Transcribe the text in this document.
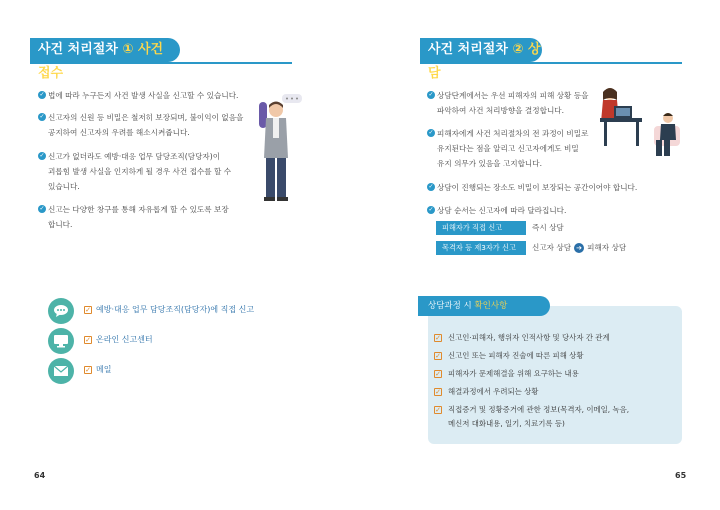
사건 처리절차 ① 사건 접수
✓ 법에 따라 누구든지 사건 발생 사실을 신고할 수 있습니다.
✓ 신고자의 신원 등 비밀은 철저히 보장되며, 불이익이 없음을
공지하여 신고자의 우려를 해소시켜줍니다.
✓ 신고가 없더라도 예방·대응 업무 담당조직(담당자)이
괴롭힘 발생 사실을 인지하게 될 경우 사건 접수를 할 수
있습니다.
✓ 신고는 다양한 창구를 통해 자유롭게 할 수 있도록 보장
합니다.
✓ 예방·대응 업무 담당조직(담당자)에 직접 신고
✓ 온라인 신고센터
✓ 메일
64
사건 처리절차 ② 상담
✓ 상담단계에서는 우선 피해자의 피해 상황 등을
파악하여 사건 처리방향을 결정합니다.
✓ 피해자에게 사건 처리절차의 전 과정이 비밀로
유지된다는 점을 알리고 신고자에게도 비밀
유지 의무가 있음을 고지합니다.
✓ 상담이 진행되는 장소도 비밀이 보장되는 공간이어야 합니다.
✓ 상담 순서는 신고자에 따라 달라집니다.
피해자가 직접 신고	즉시 상담
목격자 등 제3자가 신고	신고자 상담 ➔ 피해자 상담
상담과정 시 확인사항
✓ 신고인·피해자, 행위자 인적사항 및 당사자 간 관계
✓ 신고인 또는 피해자 진술에 따른 피해 상황
✓ 피해자가 문제해결을 위해 요구하는 내용
✓ 해결과정에서 우려되는 상황
✓ 직접증거 및 정황증거에 관한 정보(목격자, 이메일, 녹음,
메신저 대화내용, 일기, 치료기록 등)
65
